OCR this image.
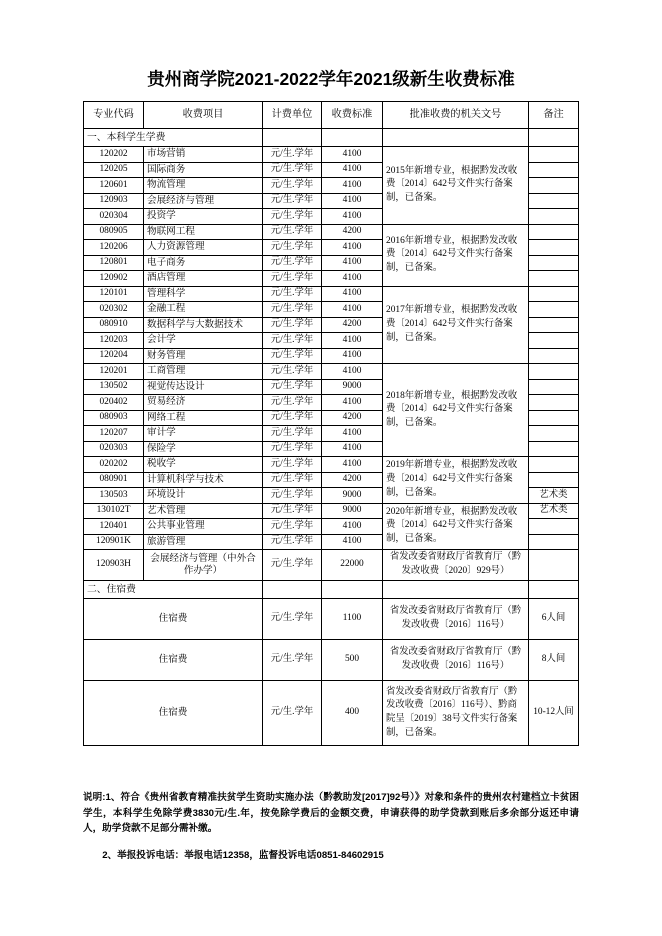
贵州商学院2021-2022学年2021级新生收费标准
专业代码	收费项目	计费单位	收费标准	批准收费的机关文号	备注
一、本科学生学费					
120202	市场营销	元/生.学年	4100	2015年新增专业，根据黔发改收费〔2014〕642号文件实行备案制，已备案。	
120205	国际商务	元/生.学年	4100		
120601	物流管理	元/生.学年	4100		
120903	会展经济与管理	元/生.学年	4100		
020304	投资学	元/生.学年	4100		
080905	物联网工程	元/生.学年	4200	2016年新增专业，根据黔发改收费〔2014〕642号文件实行备案制，已备案。	
120206	人力资源管理	元/生.学年	4100		
120801	电子商务	元/生.学年	4100		
120902	酒店管理	元/生.学年	4100		
120101	管理科学	元/生.学年	4100	2017年新增专业，根据黔发改收费〔2014〕642号文件实行备案制，已备案。	
020302	金融工程	元/生.学年	4100		
080910	数据科学与大数据技术	元/生.学年	4200		
120203	会计学	元/生.学年	4100		
120204	财务管理	元/生.学年	4100		
120201	工商管理	元/生.学年	4100	2018年新增专业，根据黔发改收费〔2014〕642号文件实行备案制，已备案。	
130502	视觉传达设计	元/生.学年	9000		
020402	贸易经济	元/生.学年	4100		
080903	网络工程	元/生.学年	4200		
120207	审计学	元/生.学年	4100		
020303	保险学	元/生.学年	4100		
020202	税收学	元/生.学年	4100	2019年新增专业，根据黔发改收费〔2014〕642号文件实行备案制，已备案。	
080901	计算机科学与技术	元/生.学年	4200		
130503	环境设计	元/生.学年	9000		艺术类
130102T	艺术管理	元/生.学年	9000	2020年新增专业，根据黔发改收费〔2014〕642号文件实行备案制，已备案。	艺术类
120401	公共事业管理	元/生.学年	4100		
120901K	旅游管理	元/生.学年	4100		
120903H	会展经济与管理（中外合作办学）	元/生.学年	22000	省发改委省财政厅省教育厅（黔发改收费〔2020〕929号）	
二、住宿费					
住宿费		元/生.学年	1100	省发改委省财政厅省教育厅（黔发改收费〔2016〕116号）	6人间
住宿费		元/生.学年	500	省发改委省财政厅省教育厅（黔发改收费〔2016〕116号）	8人间
住宿费		元/生.学年	400	省发改委省财政厅省教育厅（黔发改收费〔2016〕116号）、黔商院呈〔2019〕38号文件实行备案制，已备案。	10-12人间

说明:1、符合《贵州省教育精准扶贫学生资助实施办法（黔教助发[2017]92号）》对象和条件的贵州农村建档立卡贫困学生，本科学生免除学费3830元/生.年，按免除学费后的金额交费，申请获得的助学贷款到账后多余部分返还申请人，助学贷款不足部分需补缴。

2、举报投诉电话：举报电话12358，监督投诉电话0851-84602915
